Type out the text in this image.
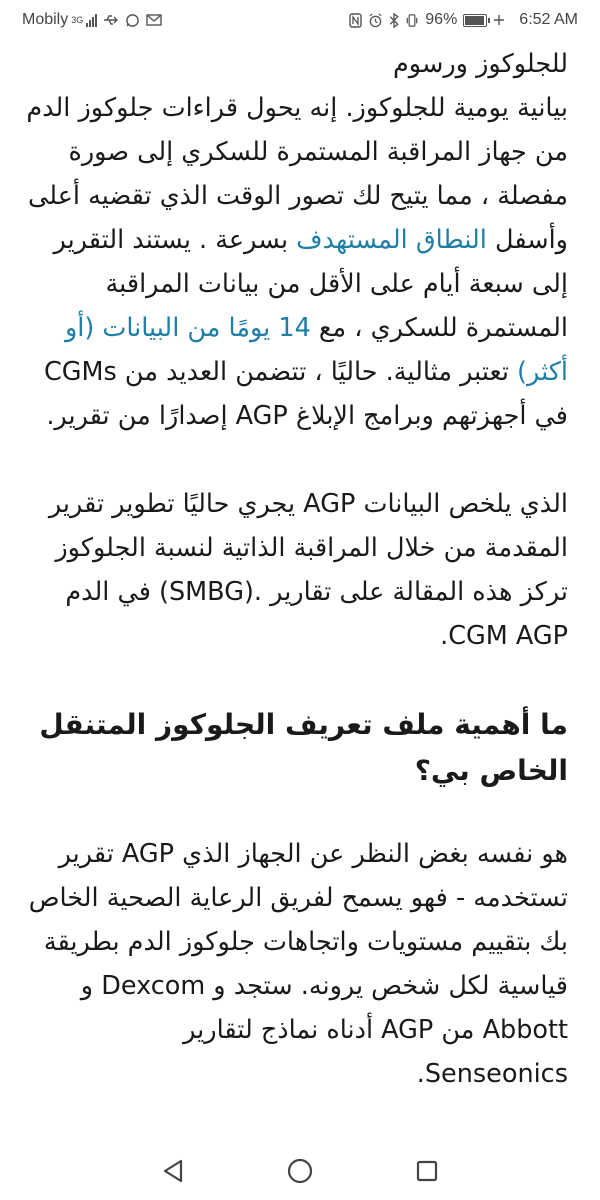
Mobily 3G	96%	6:52 AM

للجلوكوز ورسوم
بيانية يومية للجلوكوز. إنه يحول قراءات جلوكوز الدم من جهاز المراقبة المستمرة للسكري إلى صورة مفصلة ، مما يتيح لك تصور الوقت الذي تقضيه أعلى وأسفل النطاق المستهدف بسرعة . يستند التقرير إلى سبعة أيام على الأقل من بيانات المراقبة المستمرة للسكري ، مع 14 يومًا من البيانات (أو أكثر) تعتبر مثالية. حاليًا ، تتضمن العديد من CGMs في أجهزتهم وبرامج الإبلاغ AGP إصدارًا من تقرير.

الذي يلخص البيانات AGP يجري حاليًا تطوير تقرير المقدمة من خلال المراقبة الذاتية لنسبة الجلوكوز تركز هذه المقالة على تقارير .(SMBG) في الدم CGM AGP.

ما أهمية ملف تعريف الجلوكوز المتنقل الخاص بي؟

هو نفسه بغض النظر عن الجهاز الذي AGP تقرير تستخدمه - فهو يسمح لفريق الرعاية الصحية الخاص بك بتقييم مستويات واتجاهات جلوكوز الدم بطريقة قياسية لكل شخص يرونه. ستجد و Dexcom و Abbott من AGP أدناه نماذج لتقارير Senseonics.
